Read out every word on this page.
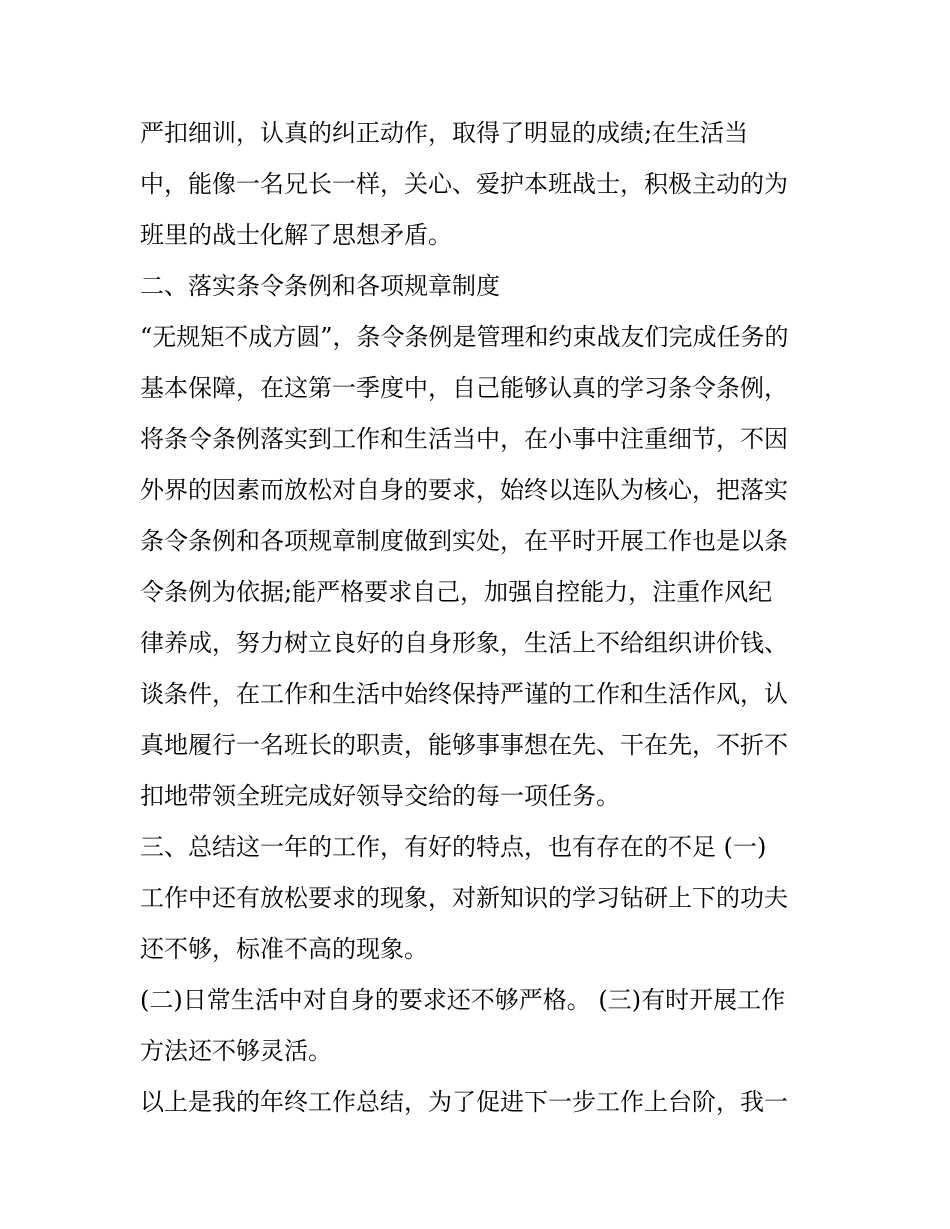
严扣细训，认真的纠正动作，取得了明显的成绩;在生活当
中，能像一名兄长一样，关心、爱护本班战士，积极主动的为
班里的战士化解了思想矛盾。
二、落实条令条例和各项规章制度
“无规矩不成方圆”，条令条例是管理和约束战友们完成任务的
基本保障，在这第一季度中，自己能够认真的学习条令条例，
将条令条例落实到工作和生活当中，在小事中注重细节，不因
外界的因素而放松对自身的要求，始终以连队为核心，把落实
条令条例和各项规章制度做到实处，在平时开展工作也是以条
令条例为依据;能严格要求自己，加强自控能力，注重作风纪
律养成，努力树立良好的自身形象，生活上不给组织讲价钱、
谈条件，在工作和生活中始终保持严谨的工作和生活作风，认
真地履行一名班长的职责，能够事事想在先、干在先，不折不
扣地带领全班完成好领导交给的每一项任务。
三、总结这一年的工作，有好的特点，也有存在的不足 (一)
工作中还有放松要求的现象，对新知识的学习钻研上下的功夫
还不够，标准不高的现象。
(二)日常生活中对自身的要求还不够严格。 (三)有时开展工作
方法还不够灵活。
以上是我的年终工作总结，为了促进下一步工作上台阶，我一
